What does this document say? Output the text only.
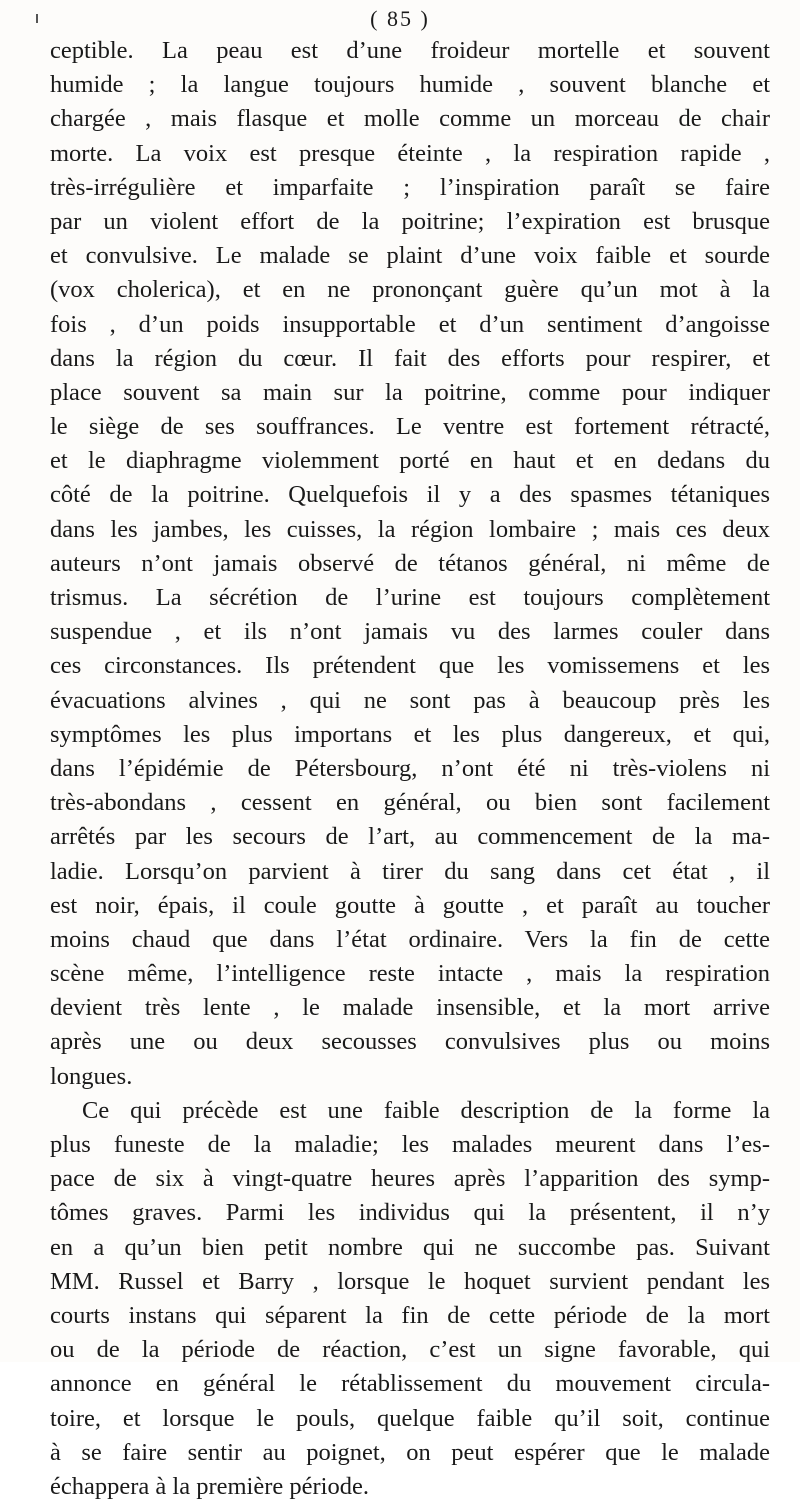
( 85 )
ceptible. La peau est d’une froideur mortelle et souvent
humide ; la langue toujours humide , souvent blanche et
chargée , mais flasque et molle comme un morceau de chair
morte. La voix est presque éteinte , la respiration rapide ,
très-irrégulière et imparfaite ; l’inspiration paraît se faire
par un violent effort de la poitrine; l’expiration est brusque
et convulsive. Le malade se plaint d’une voix faible et sourde
(vox cholerica), et en ne prononçant guère qu’un mot à la
fois , d’un poids insupportable et d’un sentiment d’angoisse
dans la région du cœur. Il fait des efforts pour respirer, et
place souvent sa main sur la poitrine, comme pour indiquer
le siège de ses souffrances. Le ventre est fortement rétracté,
et le diaphragme violemment porté en haut et en dedans du
côté de la poitrine. Quelquefois il y a des spasmes tétaniques
dans les jambes, les cuisses, la région lombaire ; mais ces deux
auteurs n’ont jamais observé de tétanos général, ni même de
trismus. La sécrétion de l’urine est toujours complètement
suspendue , et ils n’ont jamais vu des larmes couler dans
ces circonstances. Ils prétendent que les vomissemens et les
évacuations alvines , qui ne sont pas à beaucoup près les
symptômes les plus importans et les plus dangereux, et qui,
dans l’épidémie de Pétersbourg, n’ont été ni très-violens ni
très-abondans , cessent en général, ou bien sont facilement
arrêtés par les secours de l’art, au commencement de la ma-
ladie. Lorsqu’on parvient à tirer du sang dans cet état , il
est noir, épais, il coule goutte à goutte , et paraît au toucher
moins chaud que dans l’état ordinaire. Vers la fin de cette
scène même, l’intelligence reste intacte , mais la respiration
devient très lente , le malade insensible, et la mort arrive
après une ou deux secousses convulsives plus ou moins
longues.
Ce qui précède est une faible description de la forme la
plus funeste de la maladie; les malades meurent dans l’es-
pace de six à vingt-quatre heures après l’apparition des symp-
tômes graves. Parmi les individus qui la présentent, il n’y
en a qu’un bien petit nombre qui ne succombe pas. Suivant
MM. Russel et Barry , lorsque le hoquet survient pendant les
courts instans qui séparent la fin de cette période de la mort
ou de la période de réaction, c’est un signe favorable, qui
annonce en général le rétablissement du mouvement circula-
toire, et lorsque le pouls, quelque faible qu’il soit, continue
à se faire sentir au poignet, on peut espérer que le malade
échappera à la première période.
